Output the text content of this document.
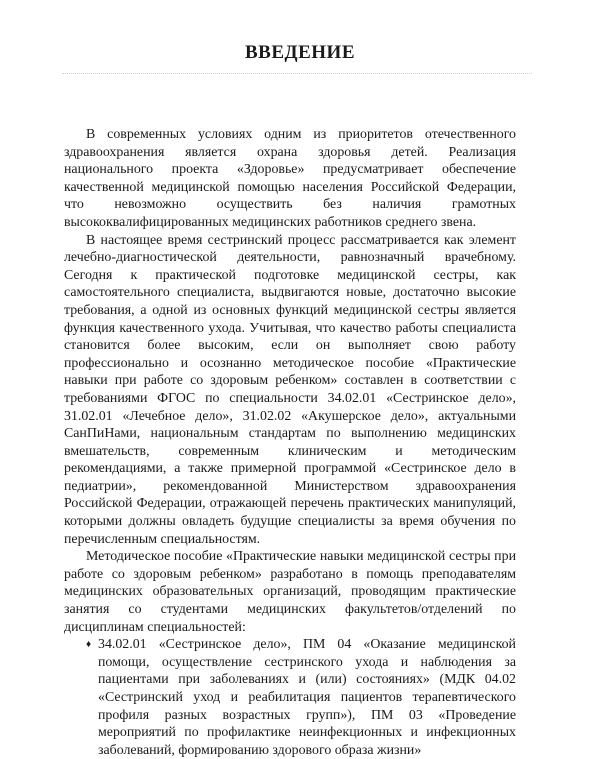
ВВЕДЕНИЕ

В современных условиях одним из приоритетов отечественного здравоохранения является охрана здоровья детей. Реализация национального проекта «Здоровье» предусматривает обеспечение качественной медицинской помощью населения Российской Федерации, что невозможно осуществить без наличия грамотных высококвалифицированных медицинских работников среднего звена.

В настоящее время сестринский процесс рассматривается как элемент лечебно-диагностической деятельности, равнозначный врачебному. Сегодня к практической подготовке медицинской сестры, как самостоятельного специалиста, выдвигаются новые, достаточно высокие требования, а одной из основных функций медицинской сестры является функция качественного ухода. Учитывая, что качество работы специалиста становится более высоким, если он выполняет свою работу профессионально и осознанно методическое пособие «Практические навыки при работе со здоровым ребенком» составлен в соответствии с требованиями ФГОС по специальности 34.02.01 «Сестринское дело», 31.02.01 «Лечебное дело», 31.02.02 «Акушерское дело», актуальными СанПиНами, национальным стандартам по выполнению медицинских вмешательств, современным клиническим и методическим рекомендациями, а также примерной программой «Сестринское дело в педиатрии», рекомендованной Министерством здравоохранения Российской Федерации, отражающей перечень практических манипуляций, которыми должны овладеть будущие специалисты за время обучения по перечисленным специальностям.

Методическое пособие «Практические навыки медицинской сестры при работе со здоровым ребенком» разработано в помощь преподавателям медицинских образовательных организаций, проводящим практические занятия со студентами медицинских факультетов/отделений по дисциплинам специальностей:

♦ 34.02.01 «Сестринское дело», ПМ 04 «Оказание медицинской помощи, осуществление сестринского ухода и наблюдения за пациентами при заболеваниях и (или) состояниях» (МДК 04.02 «Сестринский уход и реабилитация пациентов терапевтического профиля разных возрастных групп»), ПМ 03 «Проведение мероприятий по профилактике неинфекционных и инфекционных заболеваний, формированию здорового образа жизни»
